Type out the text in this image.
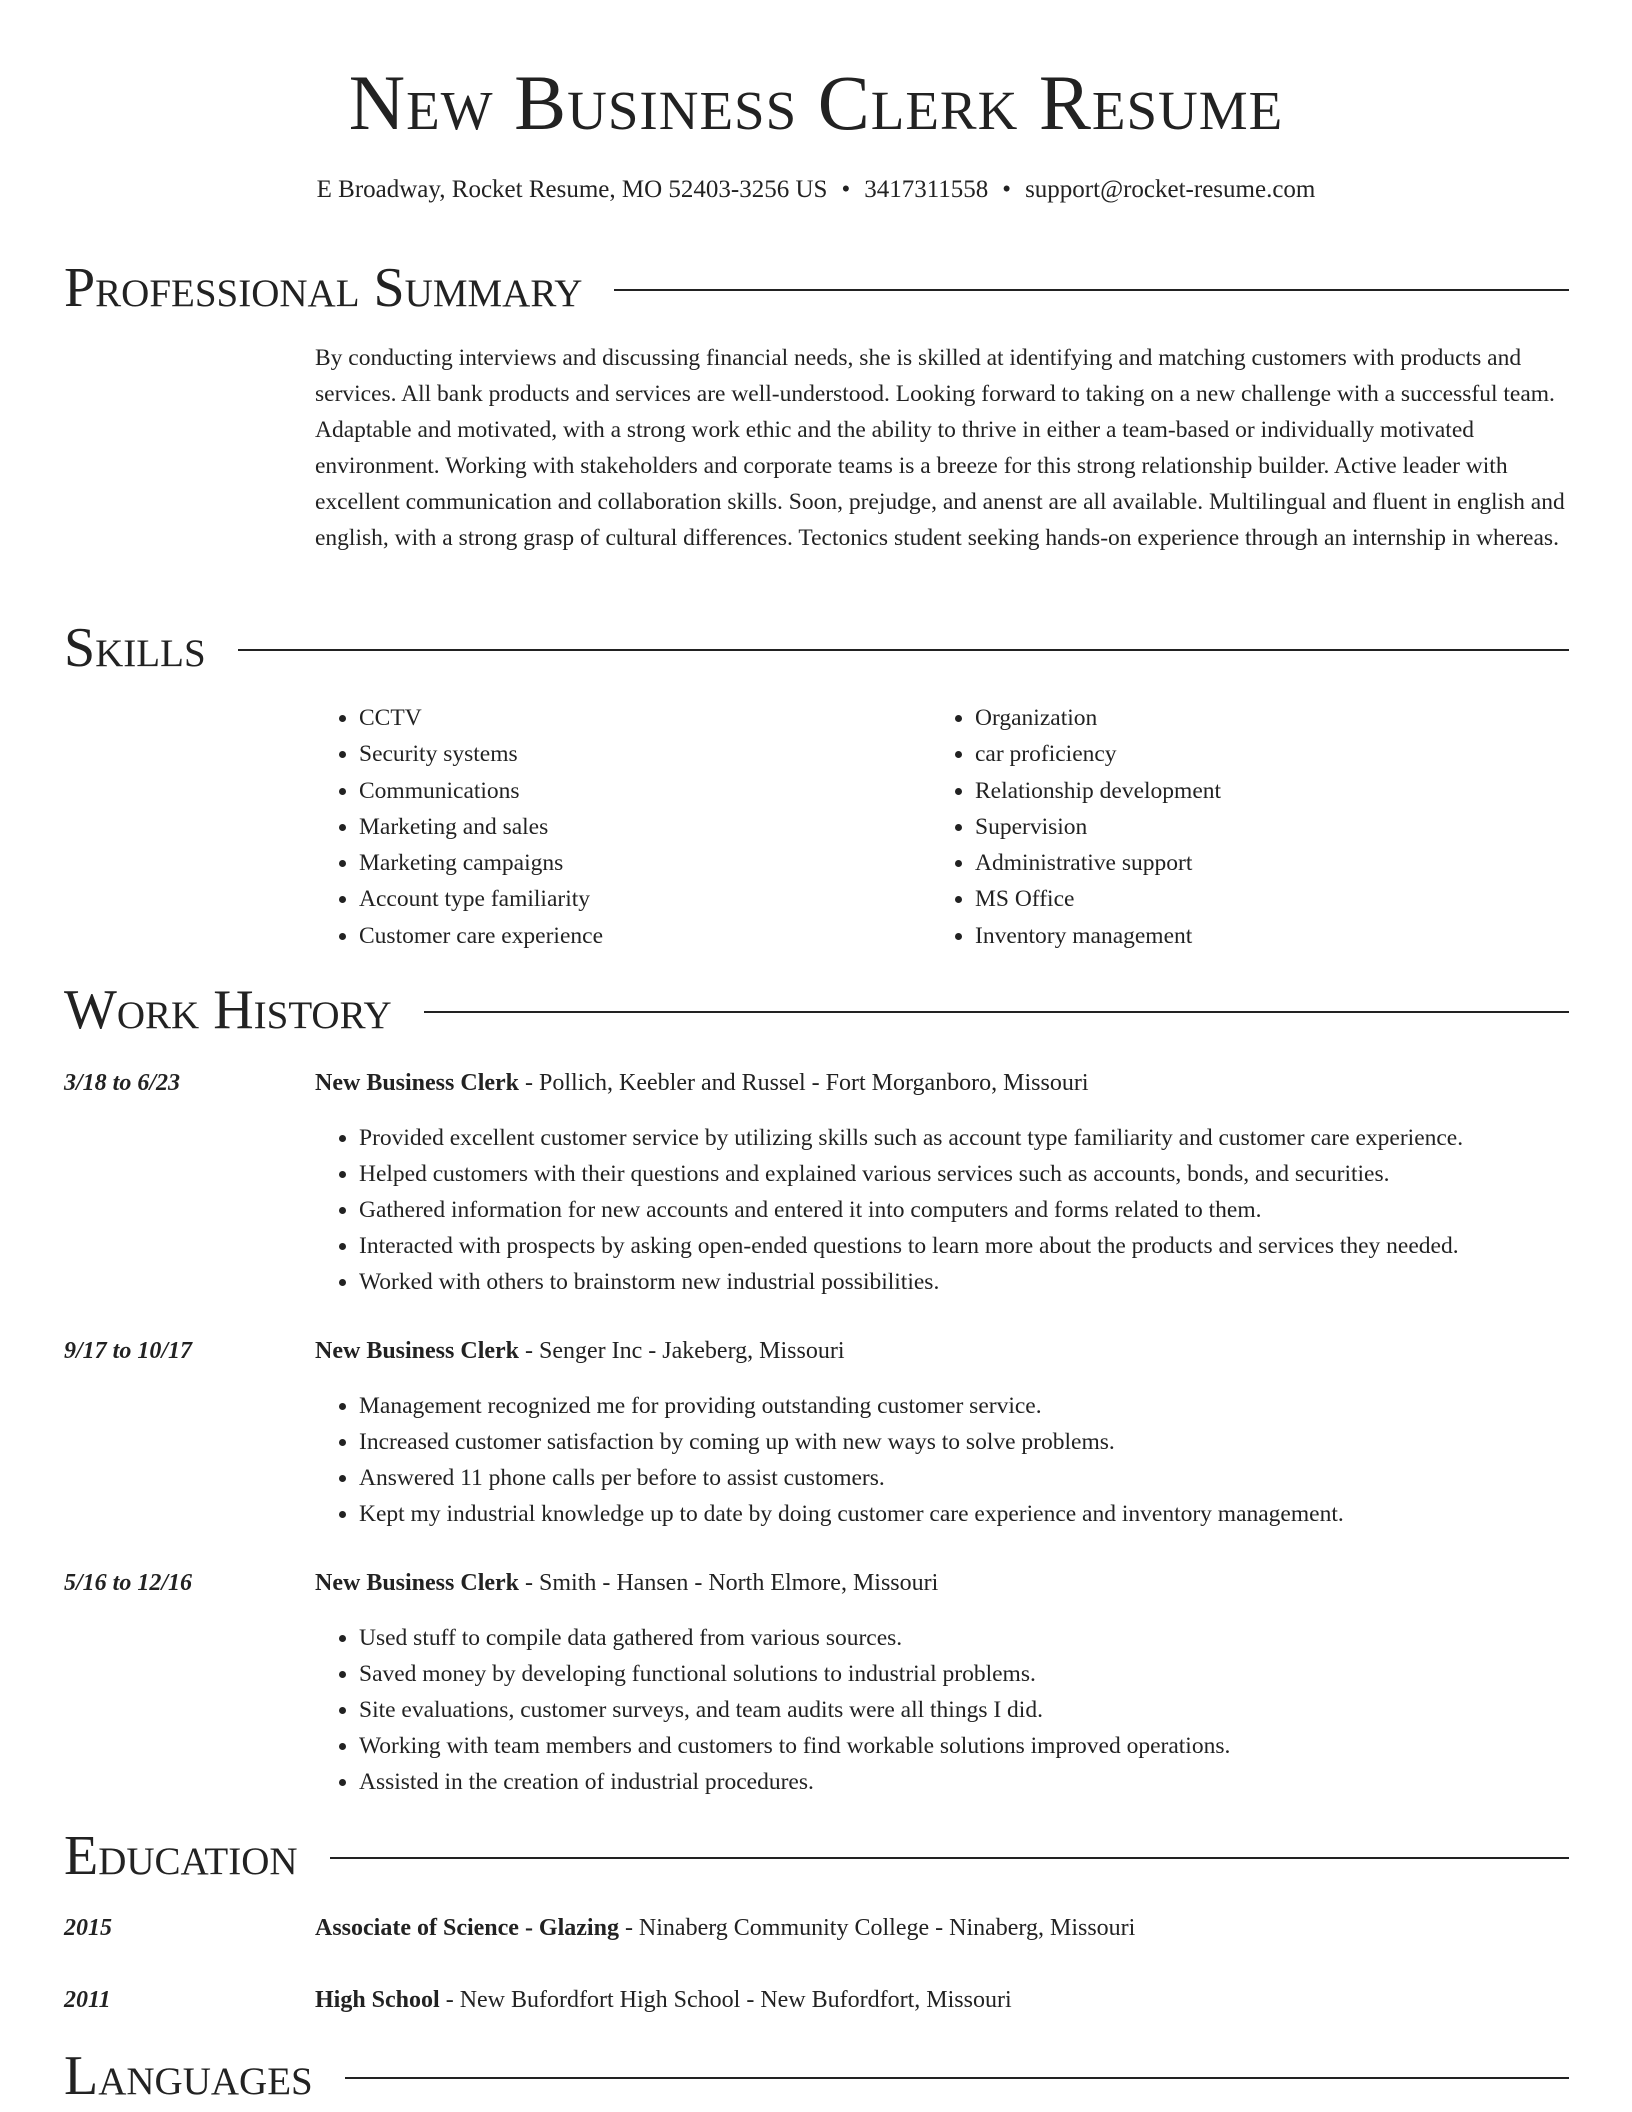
New Business Clerk Resume
E Broadway, Rocket Resume, MO 52403-3256 US • 3417311558 • support@rocket-resume.com
Professional Summary

By conducting interviews and discussing financial needs, she is skilled at identifying and matching customers with products and services. All bank products and services are well-understood. Looking forward to taking on a new challenge with a successful team. Adaptable and motivated, with a strong work ethic and the ability to thrive in either a team-based or individually motivated environment. Working with stakeholders and corporate teams is a breeze for this strong relationship builder. Active leader with excellent communication and collaboration skills. Soon, prejudge, and anenst are all available. Multilingual and fluent in english and english, with a strong grasp of cultural differences. Tectonics student seeking hands-on experience through an internship in whereas.

Skills
• CCTV
• Security systems
• Communications
• Marketing and sales
• Marketing campaigns
• Account type familiarity
• Customer care experience
• Organization
• car proficiency
• Relationship development
• Supervision
• Administrative support
• MS Office
• Inventory management
Work History
3/18 to 6/23	New Business Clerk - Pollich, Keebler and Russel - Fort Morganboro, Missouri
• Provided excellent customer service by utilizing skills such as account type familiarity and customer care experience.
• Helped customers with their questions and explained various services such as accounts, bonds, and securities.
• Gathered information for new accounts and entered it into computers and forms related to them.
• Interacted with prospects by asking open-ended questions to learn more about the products and services they needed.
• Worked with others to brainstorm new industrial possibilities.
9/17 to 10/17	New Business Clerk - Senger Inc - Jakeberg, Missouri
• Management recognized me for providing outstanding customer service.
• Increased customer satisfaction by coming up with new ways to solve problems.
• Answered 11 phone calls per before to assist customers.
• Kept my industrial knowledge up to date by doing customer care experience and inventory management.
5/16 to 12/16	New Business Clerk - Smith - Hansen - North Elmore, Missouri
• Used stuff to compile data gathered from various sources.
• Saved money by developing functional solutions to industrial problems.
• Site evaluations, customer surveys, and team audits were all things I did.
• Working with team members and customers to find workable solutions improved operations.
• Assisted in the creation of industrial procedures.
Education
2015	Associate of Science - Glazing - Ninaberg Community College - Ninaberg, Missouri
2011	High School - New Bufordfort High School - New Bufordfort, Missouri
Languages
